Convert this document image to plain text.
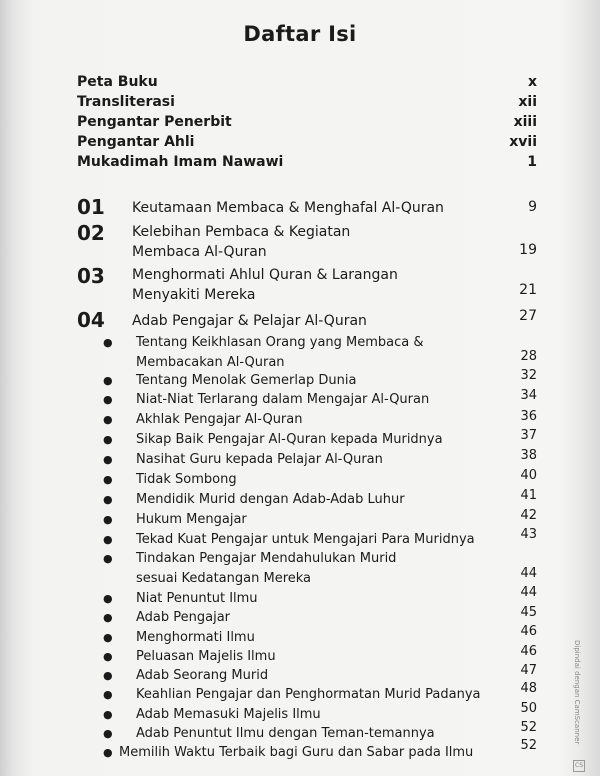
Daftar Isi
Peta Buku	x
Transliterasi	xii
Pengantar Penerbit	xiii
Pengantar Ahli	xvii
Mukadimah Imam Nawawi	1
01 Keutamaan Membaca & Menghafal Al-Quran	9
02 Kelebihan Pembaca & Kegiatan
Membaca Al-Quran	19
03 Menghormati Ahlul Quran & Larangan
Menyakiti Mereka	21
04 Adab Pengajar & Pelajar Al-Quran	27
● Tentang Keikhlasan Orang yang Membaca &
Membacakan Al-Quran	28
● Tentang Menolak Gemerlap Dunia	32
● Niat-Niat Terlarang dalam Mengajar Al-Quran	34
● Akhlak Pengajar Al-Quran	36
● Sikap Baik Pengajar Al-Quran kepada Muridnya	37
● Nasihat Guru kepada Pelajar Al-Quran	38
● Tidak Sombong	40
● Mendidik Murid dengan Adab-Adab Luhur	41
● Hukum Mengajar	42
● Tekad Kuat Pengajar untuk Mengajari Para Muridnya	43
● Tindakan Pengajar Mendahulukan Murid
sesuai Kedatangan Mereka	44
● Niat Penuntut Ilmu	44
● Adab Pengajar	45
● Menghormati Ilmu	46
● Peluasan Majelis Ilmu	46
● Adab Seorang Murid	47
● Keahlian Pengajar dan Penghormatan Murid Padanya	48
● Adab Memasuki Majelis Ilmu	50
● Adab Penuntut Ilmu dengan Teman-temannya	52
● Memilih Waktu Terbaik bagi Guru dan Sabar pada Ilmu	52
Dipindai dengan CamScanner
CS
